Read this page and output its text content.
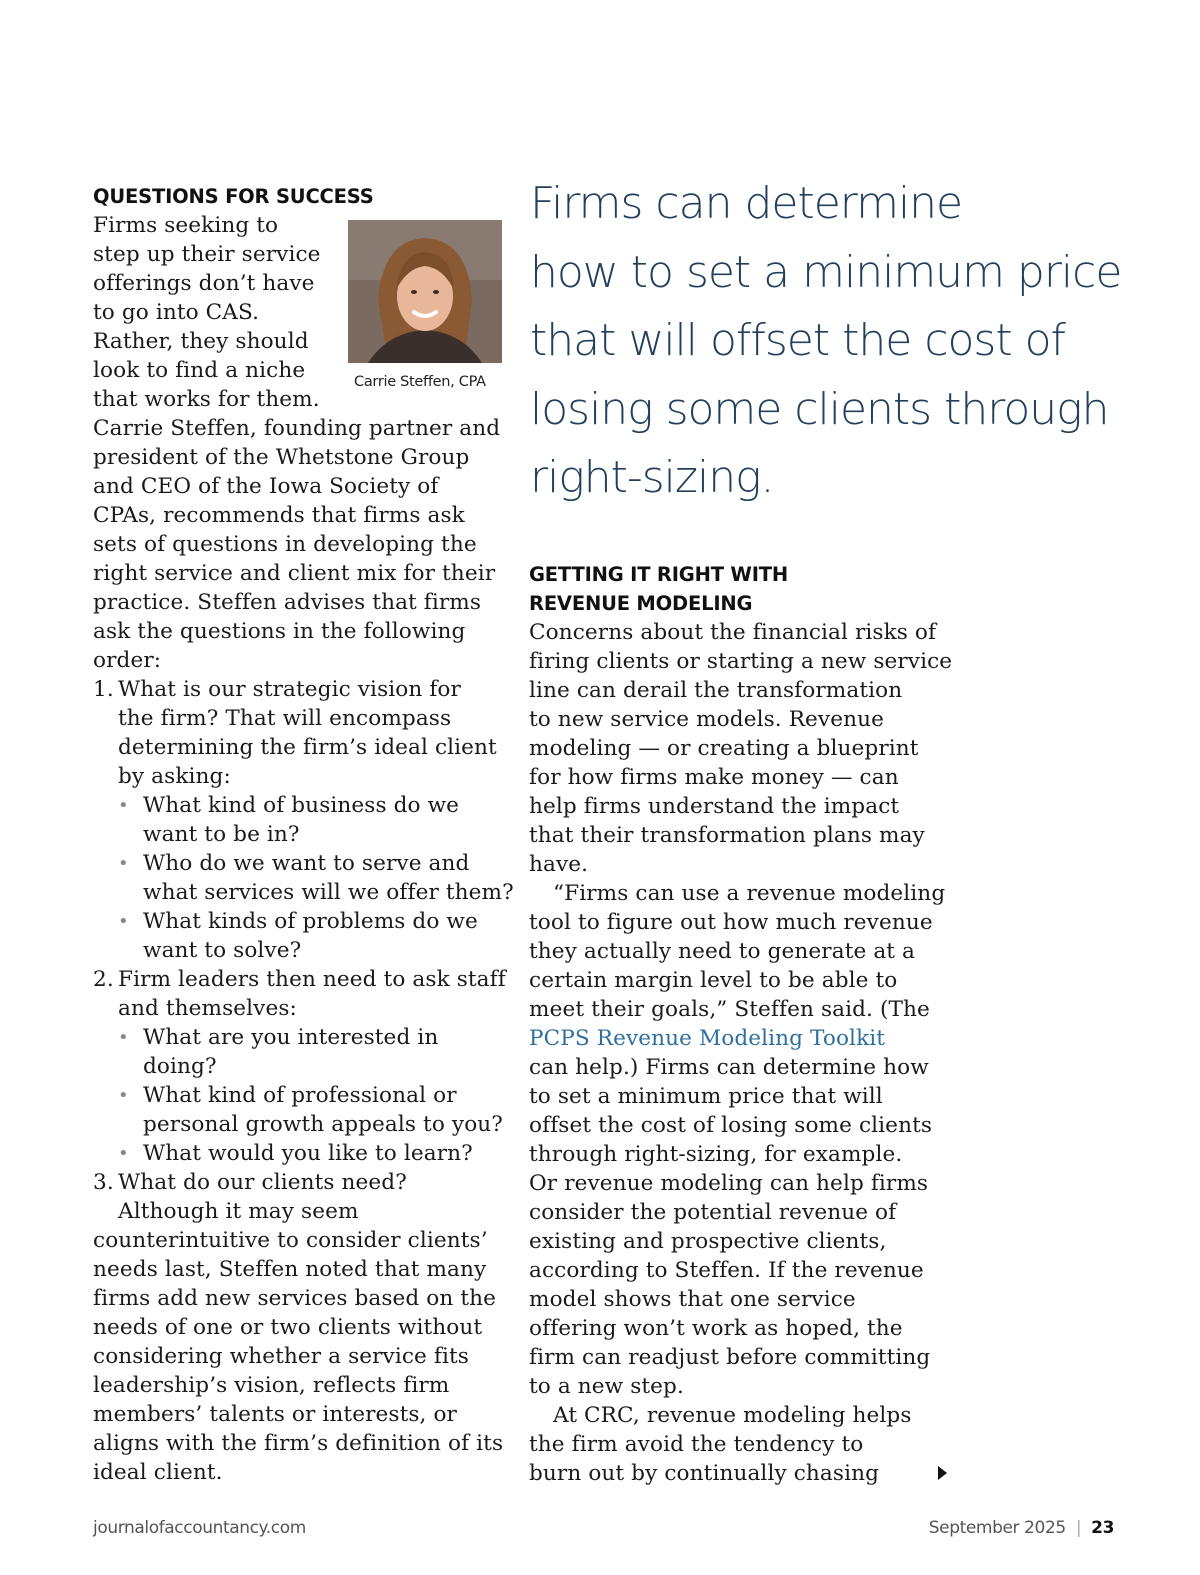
QUESTIONS FOR SUCCESS
Firms seeking to
step up their service
offerings don’t have
to go into CAS.
Rather, they should
look to find a niche
that works for them.
Carrie Steffen, founding partner and
president of the Whetstone Group
and CEO of the Iowa Society of
CPAs, recommends that firms ask
sets of questions in developing the
right service and client mix for their
practice. Steffen advises that firms
ask the questions in the following
order:
1. What is our strategic vision for
the firm? That will encompass
determining the firm’s ideal client
by asking:
• What kind of business do we
want to be in?
• Who do we want to serve and
what services will we offer them?
• What kinds of problems do we
want to solve?
2. Firm leaders then need to ask staff
and themselves:
• What are you interested in
doing?
• What kind of professional or
personal growth appeals to you?
• What would you like to learn?
3. What do our clients need?
Although it may seem
counterintuitive to consider clients’
needs last, Steffen noted that many
firms add new services based on the
needs of one or two clients without
considering whether a service fits
leadership’s vision, reflects firm
members’ talents or interests, or
aligns with the firm’s definition of its
ideal client.
Carrie Steffen, CPA
Firms can determine
how to set a minimum price
that will offset the cost of
losing some clients through
right-sizing.
GETTING IT RIGHT WITH
REVENUE MODELING
Concerns about the financial risks of
firing clients or starting a new service
line can derail the transformation
to new service models. Revenue
modeling — or creating a blueprint
for how firms make money — can
help firms understand the impact
that their transformation plans may
have.
“Firms can use a revenue modeling
tool to figure out how much revenue
they actually need to generate at a
certain margin level to be able to
meet their goals,” Steffen said. (The
PCPS Revenue Modeling Toolkit
can help.) Firms can determine how
to set a minimum price that will
offset the cost of losing some clients
through right-sizing, for example.
Or revenue modeling can help firms
consider the potential revenue of
existing and prospective clients,
according to Steffen. If the revenue
model shows that one service
offering won’t work as hoped, the
firm can readjust before committing
to a new step.
At CRC, revenue modeling helps
the firm avoid the tendency to
burn out by continually chasing
journalofaccountancy.com	September 2025 | 23
